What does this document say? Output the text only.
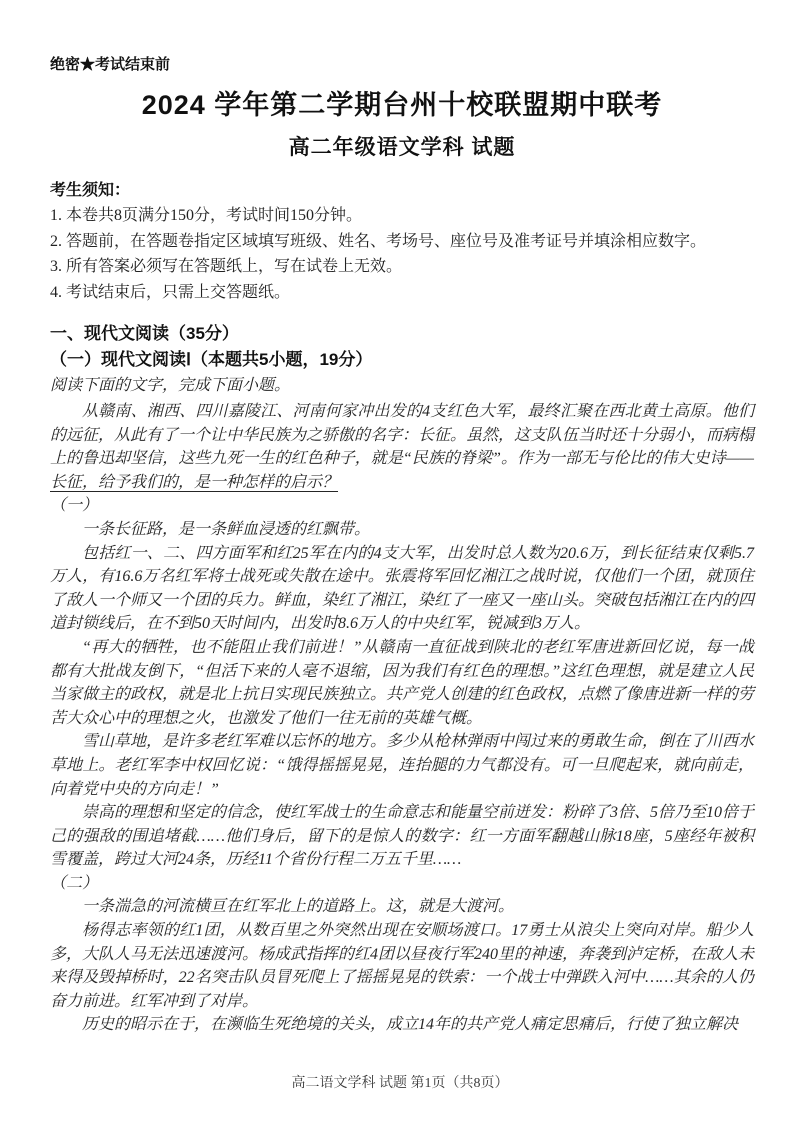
绝密★考试结束前
2024 学年第二学期台州十校联盟期中联考
高二年级语文学科 试题
考生须知：
1. 本卷共8页满分150分，考试时间150分钟。
2. 答题前，在答题卷指定区域填写班级、姓名、考场号、座位号及准考证号并填涂相应数字。
3. 所有答案必须写在答题纸上，写在试卷上无效。
4. 考试结束后，只需上交答题纸。
一、现代文阅读（35分）
（一）现代文阅读Ⅰ（本题共5小题，19分）
阅读下面的文字，完成下面小题。

从赣南、湘西、四川嘉陵江、河南何家冲出发的4支红色大军，最终汇聚在西北黄土高原。他们的远征，从此有了一个让中华民族为之骄傲的名字：长征。虽然，这支队伍当时还十分弱小，而病榻上的鲁迅却坚信，这些九死一生的红色种子，就是“民族的脊梁”。作为一部无与伦比的伟大史诗——长征，给予我们的，是一种怎样的启示？

（一）

一条长征路，是一条鲜血浸透的红飘带。

包括红一、二、四方面军和红25军在内的4支大军，出发时总人数为20.6万，到长征结束仅剩5.7万人，有16.6万名红军将士战死或失散在途中。张震将军回忆湘江之战时说，仅他们一个团，就顶住了敌人一个师又一个团的兵力。鲜血，染红了湘江，染红了一座又一座山头。突破包括湘江在内的四道封锁线后，在不到50天时间内，出发时8.6万人的中央红军，锐减到3万人。

“再大的牺牲，也不能阻止我们前进！”从赣南一直征战到陕北的老红军唐进新回忆说，每一战都有大批战友倒下，“但活下来的人毫不退缩，因为我们有红色的理想。”这红色理想，就是建立人民当家做主的政权，就是北上抗日实现民族独立。共产党人创建的红色政权，点燃了像唐进新一样的劳苦大众心中的理想之火，也激发了他们一往无前的英雄气概。

雪山草地，是许多老红军难以忘怀的地方。多少从枪林弹雨中闯过来的勇敢生命，倒在了川西水草地上。老红军李中权回忆说：“饿得摇摇晃晃，连抬腿的力气都没有。可一旦爬起来，就向前走，向着党中央的方向走！”

崇高的理想和坚定的信念，使红军战士的生命意志和能量空前迸发：粉碎了3倍、5倍乃至10倍于己的强敌的围追堵截……他们身后，留下的是惊人的数字：红一方面军翻越山脉18座，5座经年被积雪覆盖，跨过大河24条，历经11个省份行程二万五千里……

（二）

一条湍急的河流横亘在红军北上的道路上。这，就是大渡河。

杨得志率领的红1团，从数百里之外突然出现在安顺场渡口。17勇士从浪尖上突向对岸。船少人多，大队人马无法迅速渡河。杨成武指挥的红4团以昼夜行军240里的神速，奔袭到泸定桥，在敌人未来得及毁掉桥时，22名突击队员冒死爬上了摇摇晃晃的铁索：一个战士中弹跌入河中……其余的人仍奋力前进。红军冲到了对岸。

历史的昭示在于，在濒临生死绝境的关头，成立14年的共产党人痛定思痛后，行使了独立解决

高二语文学科 试题 第1页（共8页）
